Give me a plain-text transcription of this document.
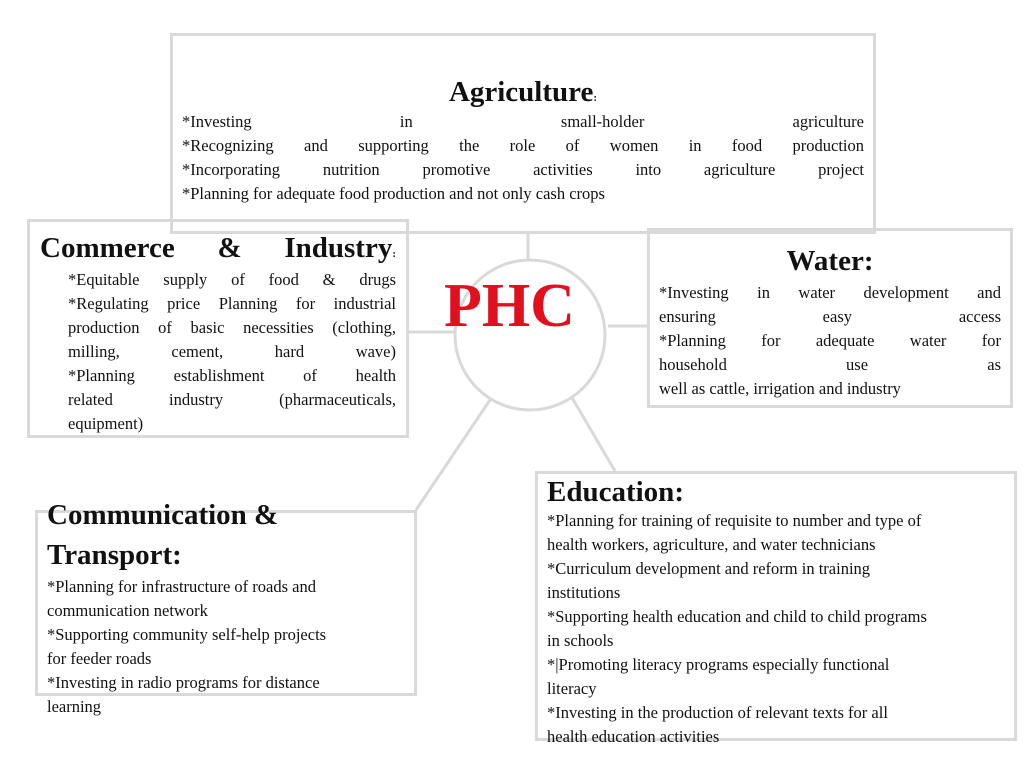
PHC
Agriculture:

*Investing in small-holder agriculture

*Recognizing and supporting the role of women in food production

*Incorporating nutrition promotive activities into agriculture project

*Planning for adequate food production and not only cash crops

Commerce & Industry:

*Equitable supply of food & drugs

*Regulating price Planning for industrial

production of basic necessities (clothing,

milling, cement, hard wave)

*Planning establishment of health

related industry (pharmaceuticals,

equipment)

Water:

*Investing in water development and

ensuring easy access

*Planning for adequate water for

household use as

well as cattle, irrigation and industry

Communication &
Transport:

*Planning for infrastructure of roads and

communication network

*Supporting community self-help projects

for feeder roads

*Investing in radio programs for distance

learning

Education:

*Planning for training of requisite to number and type of

health workers, agriculture, and water technicians

*Curriculum development and reform in training

institutions

*Supporting health education and child to child programs

in schools

*|Promoting literacy programs especially functional

literacy

*Investing in the production of relevant texts for all

health education activities
